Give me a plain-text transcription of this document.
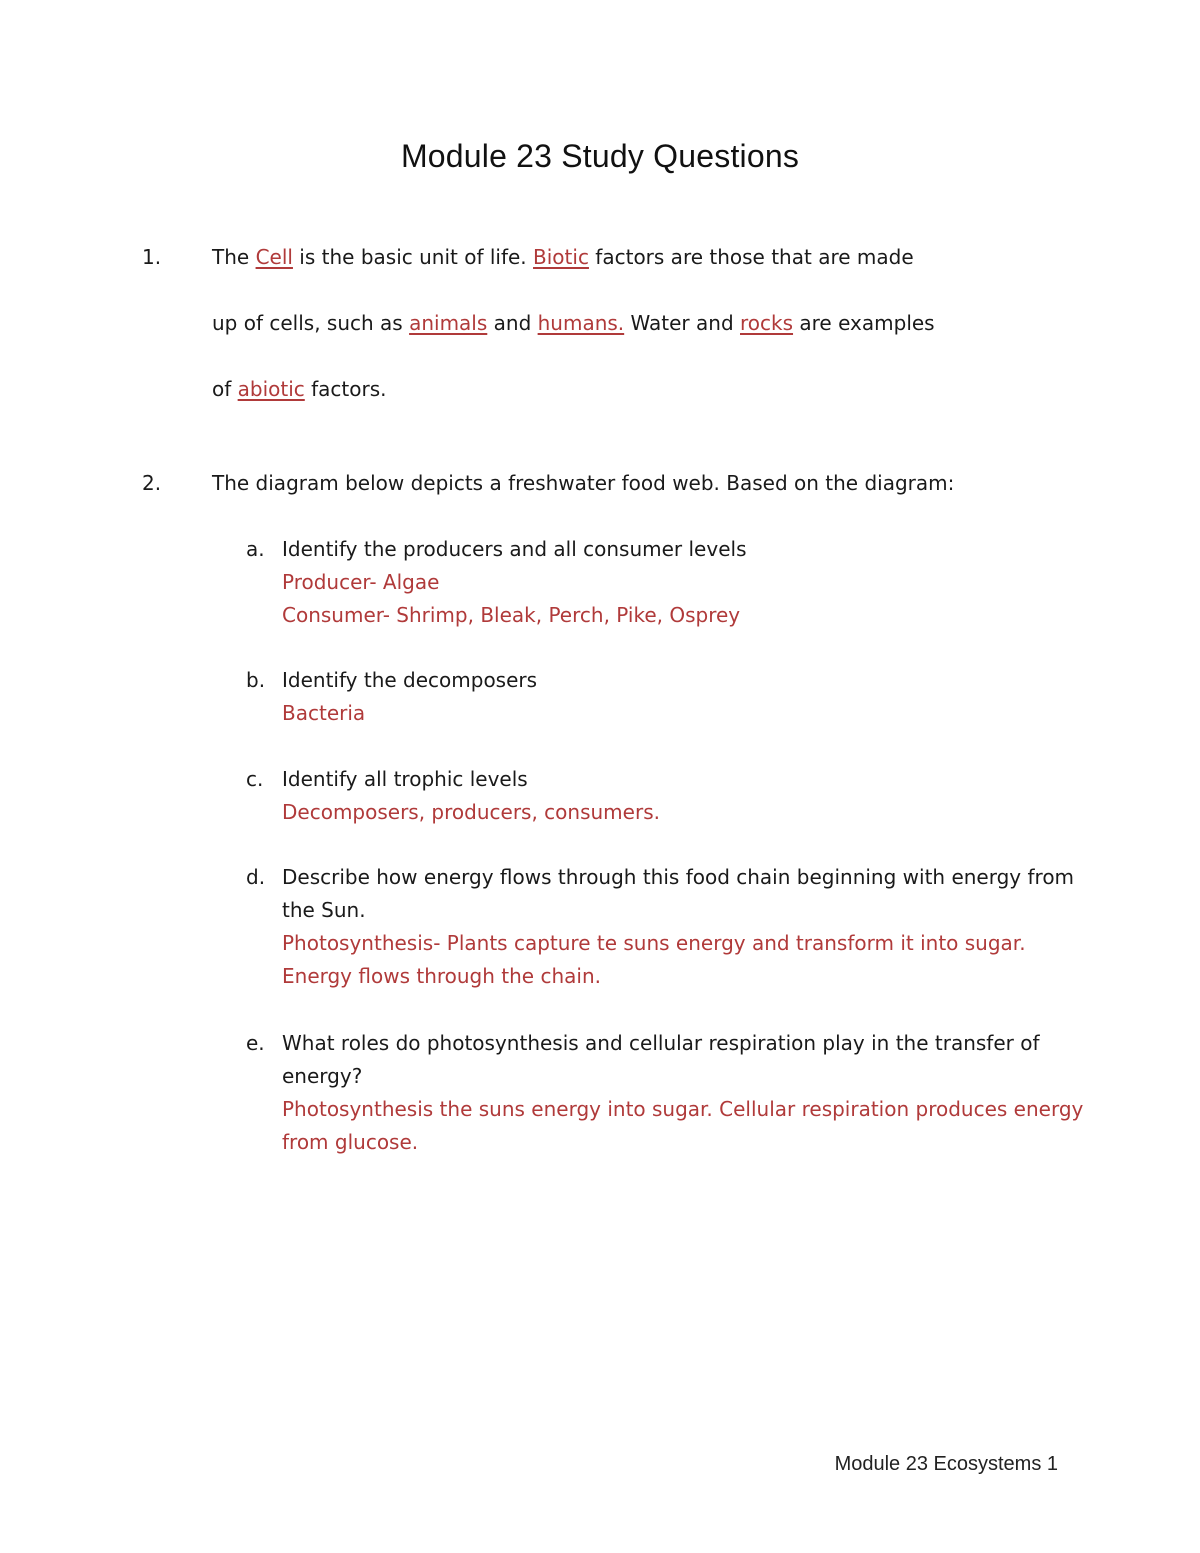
Module 23 Study Questions
1.	The Cell is the basic unit of life. Biotic factors are those that are made
up of cells, such as animals and humans. Water and rocks are examples
of abiotic factors.
2.	The diagram below depicts a freshwater food web. Based on the diagram:
a. Identify the producers and all consumer levels
Producer- Algae
Consumer- Shrimp, Bleak, Perch, Pike, Osprey
b. Identify the decomposers
Bacteria
c. Identify all trophic levels
Decomposers, producers, consumers.
d. Describe how energy flows through this food chain beginning with energy from
the Sun.
Photosynthesis- Plants capture te suns energy and transform it into sugar.
Energy flows through the chain.
e. What roles do photosynthesis and cellular respiration play in the transfer of
energy?
Photosynthesis the suns energy into sugar. Cellular respiration produces energy
from glucose.
Module 23 Ecosystems 1
